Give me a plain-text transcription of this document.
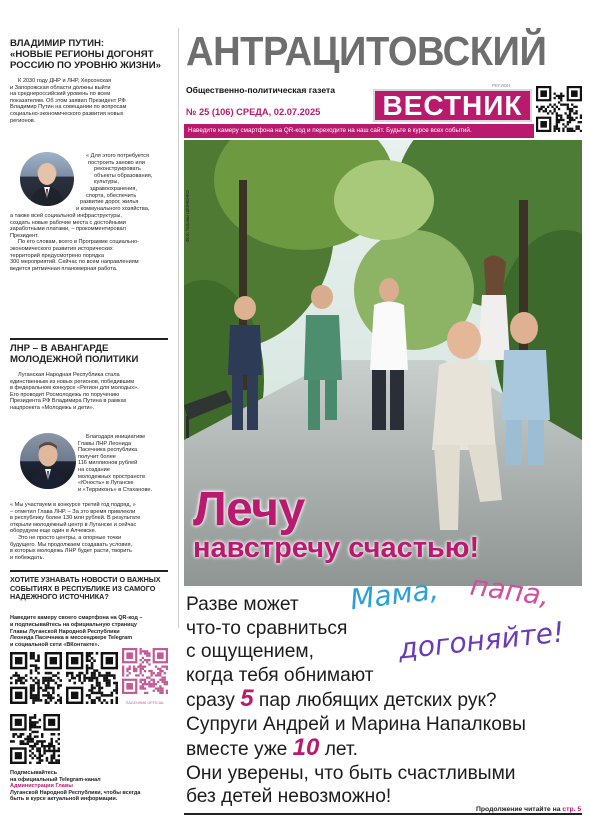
ВЛАДИМИР ПУТИН:
«НОВЫЕ РЕГИОНЫ ДОГОНЯТ
РОССИЮ ПО УРОВНЮ ЖИЗНИ»
К 2030 году ДНР и ЛНР, Херсонская
и Запорожская области должны выйти
на среднероссийский уровень по всем
показателям. Об этом заявил Президент РФ
Владимир Путин на совещании по вопросам
социально-экономического развития новых
регионов.
« Для этого потребуется
построить заново или
реконструировать
объекты образования,
культуры,
здравоохранения,
спорта, обеспечить
развитие дорог, жилья
и коммунального хозяйства,
а также всей социальной инфраструктуры,
создать новые рабочие места с достойными
заработными платами, – прокомментировал
Президент.
По его словам, всего в Программе социально-
экономического развития исторических
территорий предусмотрено порядка
300 мероприятий. Сейчас по всем направлениям
ведется ритмичная планомерная работа.
ЛНР – В АВАНГАРДЕ
МОЛОДЕЖНОЙ ПОЛИТИКИ
Луганская Народная Республика стала
единственным из новых регионов, победившим
в федеральном конкурсе «Регион для молодых».
Его проводит Росмолодежь по поручению
Президента РФ Владимира Путина в рамках
нацпроекта «Молодежь и дети».
Благодаря инициативе
Главы ЛНР Леонида
Пасечника республика
получит более
116 миллионов рублей
на создание
молодежных пространств
«Юность» в Луганске
и «Терриконъ» в Стаханове.
« Мы участвуем в конкурсе третий год подряд, »
– отметил Глава ЛНР. – За это время привлекли
в республику более 130 млн рублей. В результате
открыли молодежный центр в Луганске и сейчас
оборудуем еще один в Алчевске.
Это не просто центры, а опорные точки
будущего. Мы продолжаем создавать условия,
в которых молодежь ЛНР будет расти, творить
и побеждать.
ХОТИТЕ УЗНАВАТЬ НОВОСТИ О ВАЖНЫХ
СОБЫТИЯХ В РЕСПУБЛИКЕ ИЗ САМОГО
НАДЕЖНОГО ИСТОЧНИКА?
Наведите камеру своего смартфона на QR-код –
и подписывайтесь на официальную страницу
Главы Луганской Народной Республики
Леонида Пасечника в мессенджере Telegram
и социальной сети «ВКонтакте».
ПАСЕЧНИК OFFICIAL
Подписывайтесь
на официальный Telegram-канал
Администрации Главы
Луганской Народной Республики, чтобы всегда
быть в курсе актуальной информации.
АНТРАЦИТОВСКИЙ
Общественно-политическая газета	РЕГИОН
ВЕСТНИК
№ 25 (106) СРЕДА, 02.07.2025
Наведите камеру смартфона на QR-код и переходите на наш сайт. Будьте в курсе всех событий.
Фото Татьяны ШЕВЧЕНКО
Лечу
навстречу счастью!
Разве может
что-то сравниться
с ощущением,
когда тебя обнимают
сразу 5 пар любящих детских рук?
Супруги Андрей и Марина Напалковы
вместе уже 10 лет.
Они уверены, что быть счастливыми
без детей невозможно!
Мама, папа,
догоняйте!
Продолжение читайте на стр. 5
